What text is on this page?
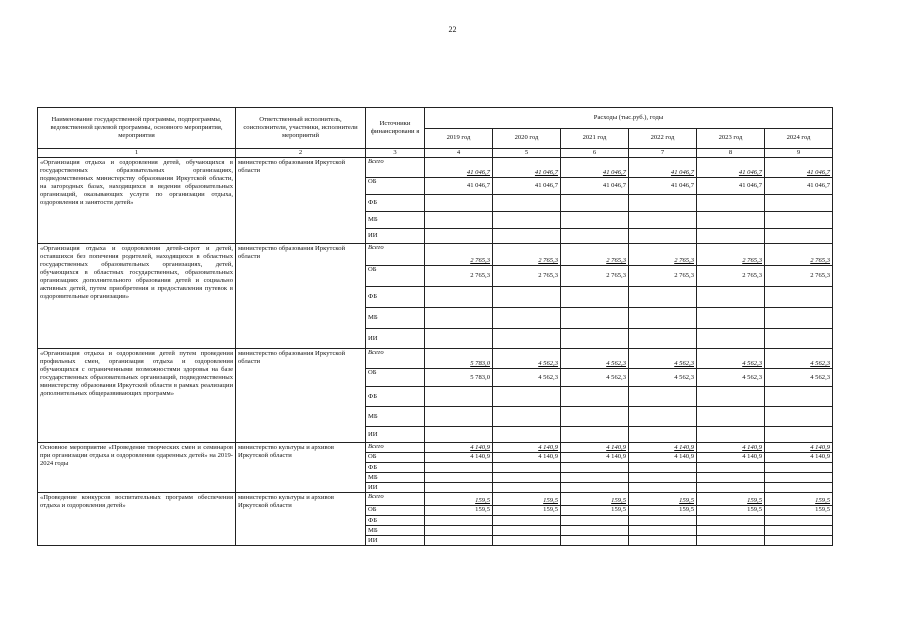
22
Наименование государственной программы, подпрограммы, ведомственной целевой программы, основного мероприятия, мероприятия	Ответственный исполнитель, соисполнители, участники, исполнители мероприятий	Источники финансировани я	Расходы (тыс.руб.), годы					
			2019 год	2020 год	2021 год	2022 год	2023 год	2024 год
1	2	3	4	5	6	7	8	9
«Организация отдыха и оздоровления детей, обучающихся в государственных образовательных организациях, подведомственных министерству образования Иркутской области, на загородных базах, находящихся в ведении образовательных организаций, оказывающих услуги по организации отдыха, оздоровления и занятости детей»	министерство образования Иркутской области	Всего	41 046,7	41 046,7	41 046,7	41 046,7	41 046,7	41 046,7
		ОБ	41 046,7	41 046,7	41 046,7	41 046,7	41 046,7	41 046,7
		ФБ						
		МБ						
		ИИ						
«Организация отдыха и оздоровления детей-сирот и детей, оставшихся без попечения родителей, находящихся в областных государственных образовательных организациях, детей, обучающихся в областных государственных, образовательных организациях дополнительного образования детей и социально активных детей, путем приобретения и предоставления путевок в оздоровительные организации»	министерство образования Иркутской области	Всего	2 765,3	2 765,3	2 765,3	2 765,3	2 765,3	2 765,3
		ОБ	2 765,3	2 765,3	2 765,3	2 765,3	2 765,3	2 765,3
		ФБ						
		МБ						
		ИИ						
«Организация отдыха и оздоровления детей путем проведения профильных смен, организация отдыха и оздоровления обучающихся с ограниченными возможностями здоровья на базе государственных образовательных организаций, подведомственных министерству образования Иркутской области в рамках реализации дополнительных общеразвивающих программ»	министерство образования Иркутской области	Всего	5 783,0	4 562,3	4 562,3	4 562,3	4 562,3	4 562,3
		ОБ	5 783,0	4 562,3	4 562,3	4 562,3	4 562,3	4 562,3
		ФБ						
		МБ						
		ИИ						
Основное мероприятие «Проведение творческих смен и семинаров при организации отдыха и оздоровления одаренных детей» на 2019-2024 годы	министерство культуры и архивов Иркутской области	Всего	4 140,9	4 140,9	4 140,9	4 140,9	4 140,9	4 140,9
		ОБ	4 140,9	4 140,9	4 140,9	4 140,9	4 140,9	4 140,9
		ФБ						
		МБ						
		ИИ						
«Проведение конкурсов воспитательных программ обеспечения отдыха и оздоровления детей»	министерство культуры и архивов Иркутской области	Всего	159,5	159,5	159,5	159,5	159,5	159,5
		ОБ	159,5	159,5	159,5	159,5	159,5	159,5
		ФБ						
		МБ						
		ИИ						
